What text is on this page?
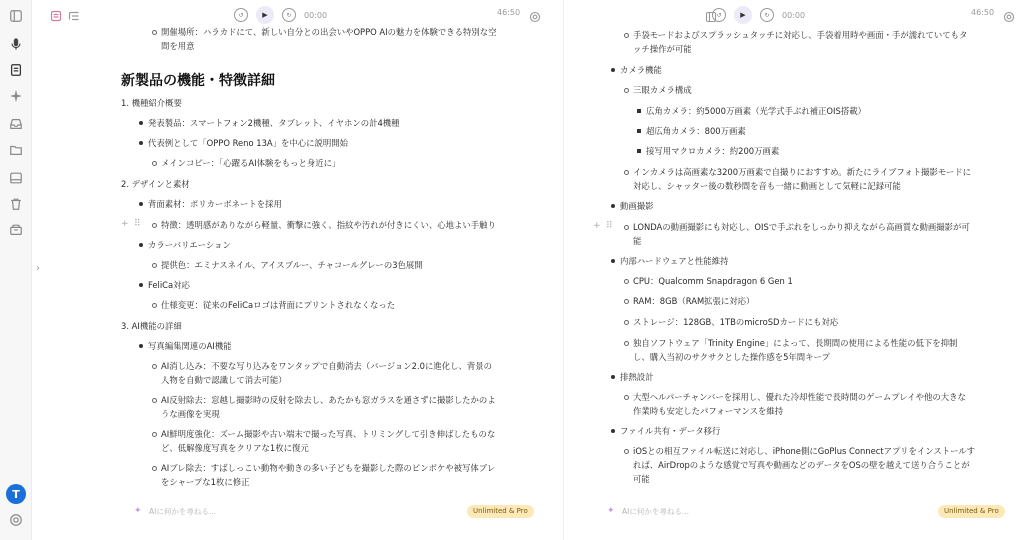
T
›
↺	▶	↻	00:00	46:50
開催場所：ハラカドにて、新しい自分との出会いやOPPO AIの魅力を体験できる特別な空
間を用意
新製品の機能・特徴詳細
1. 機種紹介概要
発表製品：スマートフォン2機種、タブレット、イヤホンの計4機種
代表例として「OPPO Reno 13A」を中心に説明開始
メインコピー：「心躍るAI体験をもっと身近に」
2. デザインと素材
背面素材：ポリカーボネートを採用
+ ⠿ 特徴：透明感がありながら軽量、衝撃に強く、指紋や汚れが付きにくい、心地よい手触り
カラーバリエーション
提供色：エミナスネイル、アイスブルー、チャコールグレーの3色展開
FeliCa対応
仕様変更：従来のFeliCaロゴは背面にプリントされなくなった
3. AI機能の詳細
写真編集関連のAI機能
AI消し込み：不要な写り込みをワンタップで自動消去（バージョン2.0に進化し、背景の
人物を自動で認識して消去可能）
AI反射除去：窓越し撮影時の反射を除去し、あたかも窓ガラスを通さずに撮影したかのよ
うな画像を実現
AI鮮明度強化：ズーム撮影や古い端末で撮った写真、トリミングして引き伸ばしたものな
ど、低解像度写真をクリアな1枚に復元
AIブレ除去：すばしっこい動物や動きの多い子どもを撮影した際のピンボケや被写体ブレ
をシャープな1枚に修正
✦ AIに何かを尋ねる...	Unlimited & Pro
↺	▶	↻	00:00	46:50
手袋モードおよびスプラッシュタッチに対応し、手袋着用時や画面・手が濡れていてもタ
ッチ操作が可能
カメラ機能
三眼カメラ構成
広角カメラ：約5000万画素（光学式手ぶれ補正OIS搭載）
超広角カメラ：800万画素
接写用マクロカメラ：約200万画素
インカメラは高画素な3200万画素で自撮りにおすすめ。新たにライブフォト撮影モードに
対応し、シャッター後の数秒間を音も一緒に動画として気軽に記録可能
動画撮影
+ ⠿ LONDAの動画撮影にも対応し、OISで手ぶれをしっかり抑えながら高画質な動画撮影が可
能
内部ハードウェアと性能維持
CPU：Qualcomm Snapdragon 6 Gen 1
RAM：8GB（RAM拡張に対応）
ストレージ：128GB、1TBのmicroSDカードにも対応
独自ソフトウェア「Trinity Engine」によって、長期間の使用による性能の低下を抑制
し、購入当初のサクサクとした操作感を5年間キープ
排熱設計
大型ヘルパーチャンバーを採用し、優れた冷却性能で長時間のゲームプレイや他の大きな
作業時も安定したパフォーマンスを維持
ファイル共有・データ移行
iOSとの相互ファイル転送に対応し、iPhone側にGoPlus Connectアプリをインストールす
れば、AirDropのような感覚で写真や動画などのデータをOSの壁を越えて送り合うことが
可能
✦ AIに何かを尋ねる...	Unlimited & Pro
